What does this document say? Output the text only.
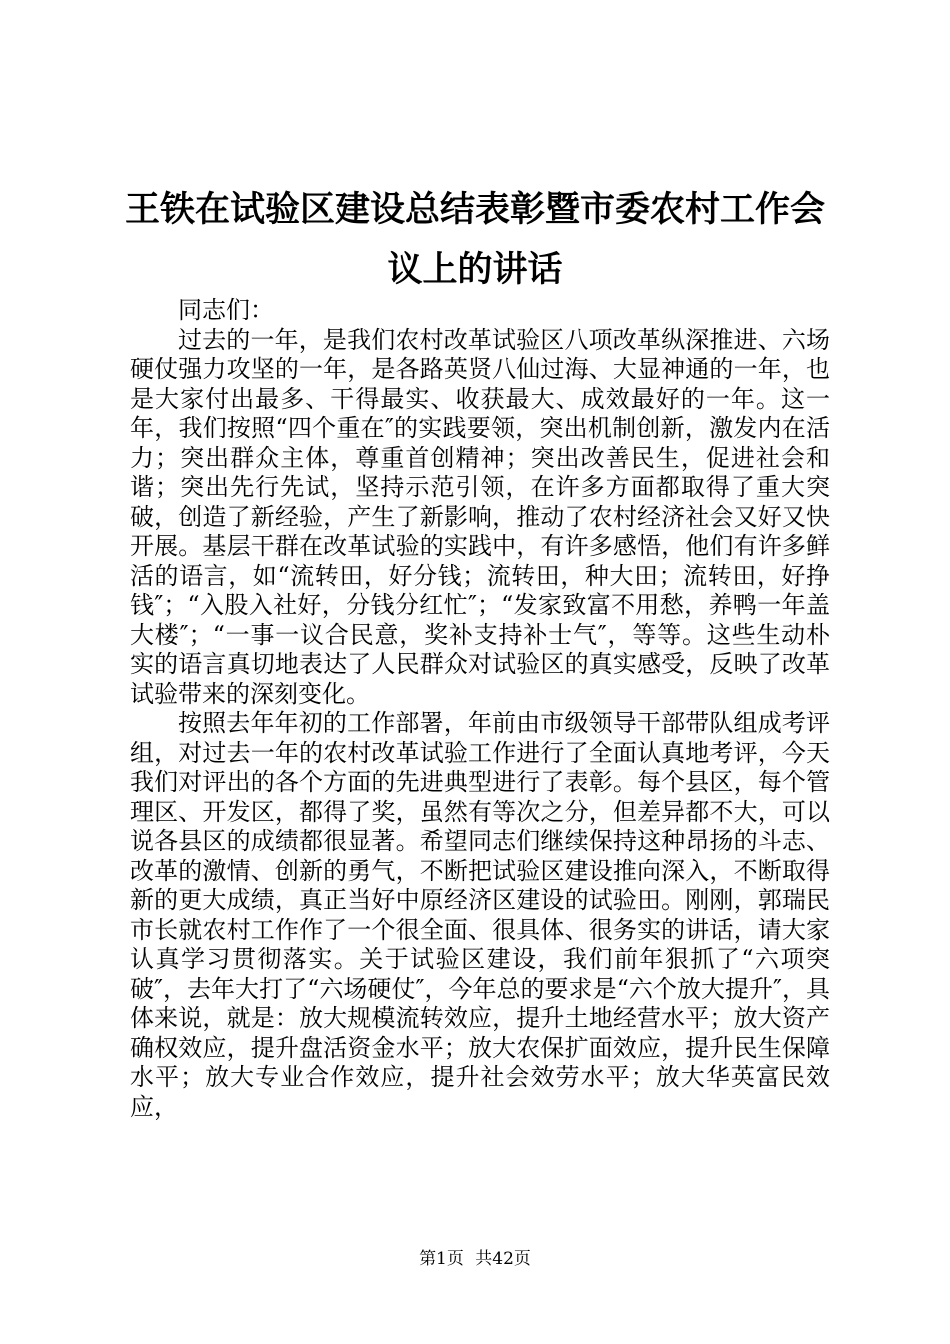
王铁在试验区建设总结表彰暨市委农村工作会议上的讲话

同志们：

过去的一年，是我们农村改革试验区八项改革纵深推进、六场硬仗强力攻坚的一年，是各路英贤八仙过海、大显神通的一年，也是大家付出最多、干得最实、收获最大、成效最好的一年。这一年，我们按照“四个重在″的实践要领，突出机制创新，激发内在活力；突出群众主体，尊重首创精神；突出改善民生，促进社会和谐；突出先行先试，坚持示范引领，在许多方面都取得了重大突破，创造了新经验，产生了新影响，推动了农村经济社会又好又快开展。基层干群在改革试验的实践中，有许多感悟，他们有许多鲜活的语言，如“流转田，好分钱；流转田，种大田；流转田，好挣钱″；“入股入社好，分钱分红忙″；“发家致富不用愁，养鸭一年盖大楼″；“一事一议合民意，奖补支持补士气″，等等。这些生动朴实的语言真切地表达了人民群众对试验区的真实感受，反映了改革试验带来的深刻变化。

按照去年年初的工作部署，年前由市级领导干部带队组成考评组，对过去一年的农村改革试验工作进行了全面认真地考评，今天我们对评出的各个方面的先进典型进行了表彰。每个县区，每个管理区、开发区，都得了奖，虽然有等次之分，但差异都不大，可以说各县区的成绩都很显著。希望同志们继续保持这种昂扬的斗志、改革的激情、创新的勇气，不断把试验区建设推向深入，不断取得新的更大成绩，真正当好中原经济区建设的试验田。刚刚，郭瑞民市长就农村工作作了一个很全面、很具体、很务实的讲话，请大家认真学习贯彻落实。关于试验区建设，我们前年狠抓了“六项突破″，去年大打了“六场硬仗″，今年总的要求是“六个放大提升″，具体来说，就是：放大规模流转效应，提升土地经营水平；放大资产确权效应，提升盘活资金水平；放大农保扩面效应，提升民生保障水平；放大专业合作效应，提升社会效劳水平；放大华英富民效应，

第1页 共42页
